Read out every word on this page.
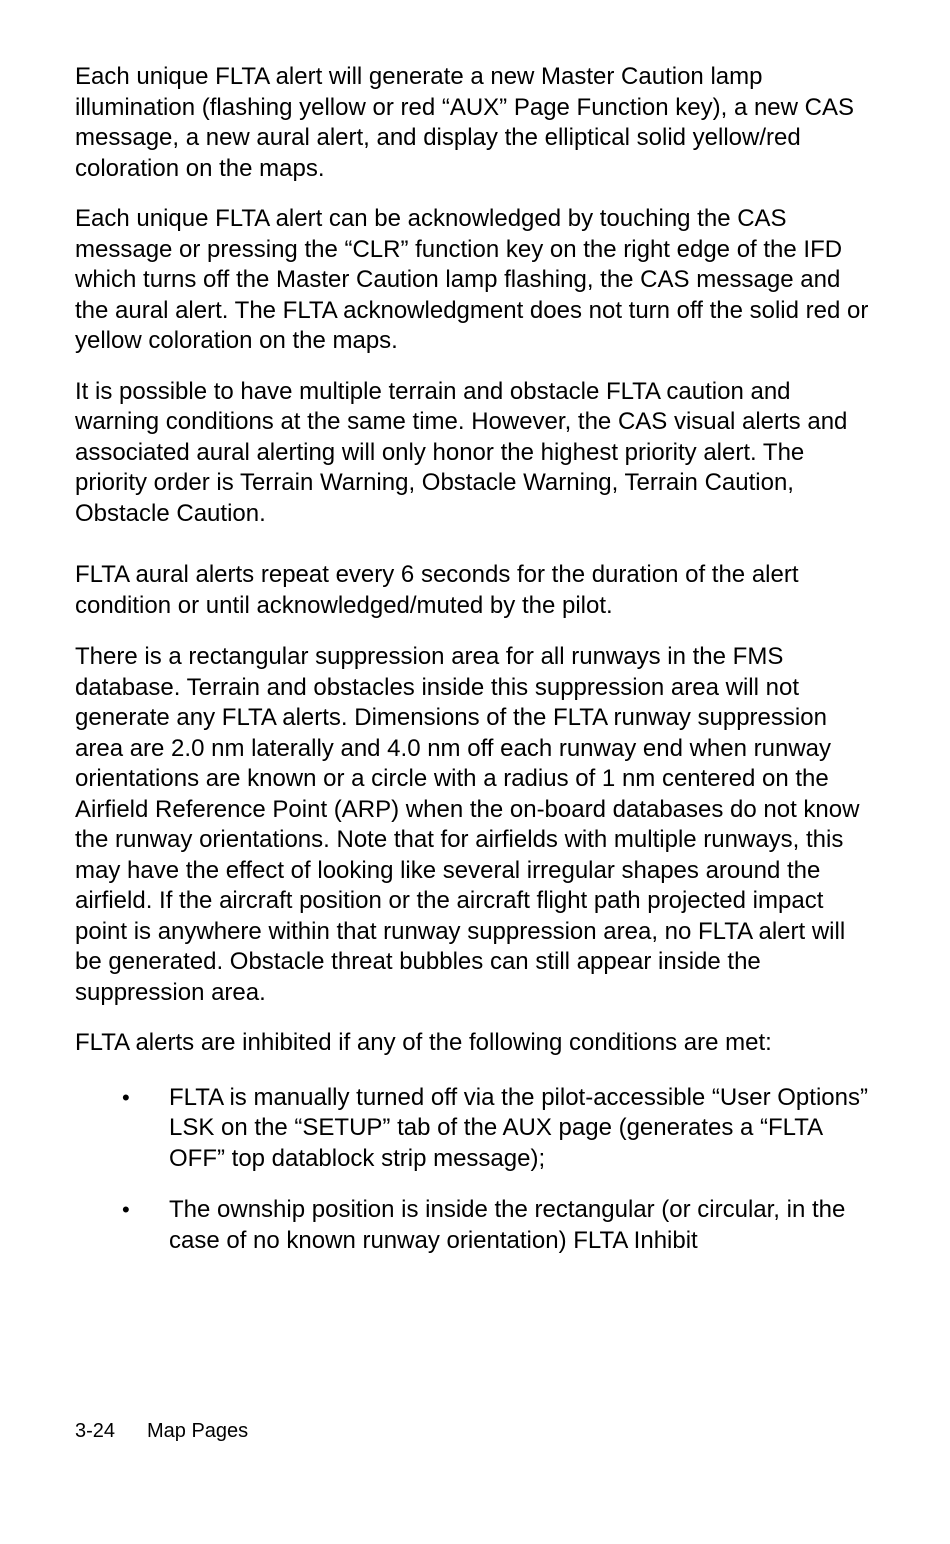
Each unique FLTA alert will generate a new Master Caution lamp illumination (flashing yellow or red “AUX” Page Function key), a new CAS message, a new aural alert, and display the elliptical solid yellow/red coloration on the maps.

Each unique FLTA alert can be acknowledged by touching the CAS message or pressing the “CLR” function key on the right edge of the IFD which turns off the Master Caution lamp flashing, the CAS message and the aural alert. The FLTA acknowledgment does not turn off the solid red or yellow coloration on the maps.

It is possible to have multiple terrain and obstacle FLTA caution and warning conditions at the same time. However, the CAS visual alerts and associated aural alerting will only honor the highest priority alert. The priority order is Terrain Warning, Obstacle Warning, Terrain Caution, Obstacle Caution.

FLTA aural alerts repeat every 6 seconds for the duration of the alert condition or until acknowledged/muted by the pilot.

There is a rectangular suppression area for all runways in the FMS database. Terrain and obstacles inside this suppression area will not generate any FLTA alerts. Dimensions of the FLTA runway suppression area are 2.0 nm laterally and 4.0 nm off each runway end when runway orientations are known or a circle with a radius of 1 nm centered on the Airfield Reference Point (ARP) when the on-board databases do not know the runway orientations. Note that for airfields with multiple runways, this may have the effect of looking like several irregular shapes around the airfield. If the aircraft position or the aircraft flight path projected impact point is anywhere within that runway suppression area, no FLTA alert will be generated. Obstacle threat bubbles can still appear inside the suppression area.

FLTA alerts are inhibited if any of the following conditions are met:

• FLTA is manually turned off via the pilot-accessible “User Options” LSK on the “SETUP” tab of the AUX page (generates a “FLTA OFF” top datablock strip message);
• The ownship position is inside the rectangular (or circular, in the case of no known runway orientation) FLTA Inhibit
3-24 Map Pages
